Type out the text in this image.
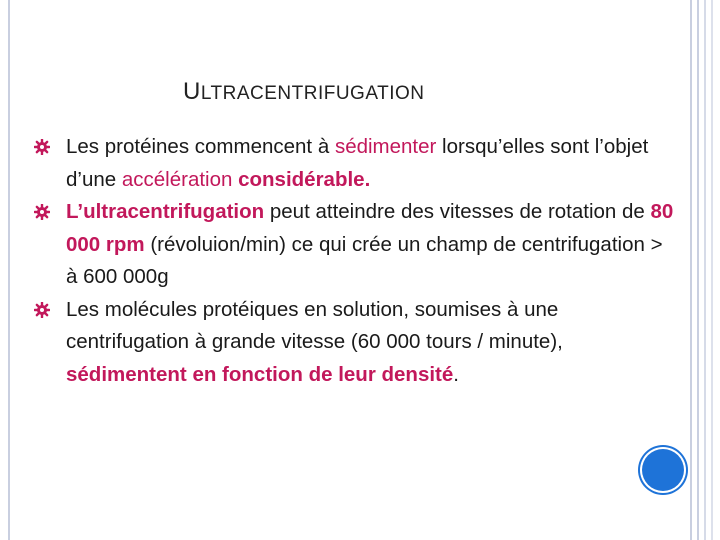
ULTRACENTRIFUGATION
Les protéines commencent à sédimenter lorsqu’elles sont l’objet d’une accélération considérable.
L’ultracentrifugation peut atteindre des vitesses de rotation de 80 000 rpm (révoluion/min) ce qui crée un champ de centrifugation > à 600 000g
Les molécules protéiques en solution, soumises à une centrifugation à grande vitesse (60 000 tours / minute), sédimentent en fonction de leur densité.
